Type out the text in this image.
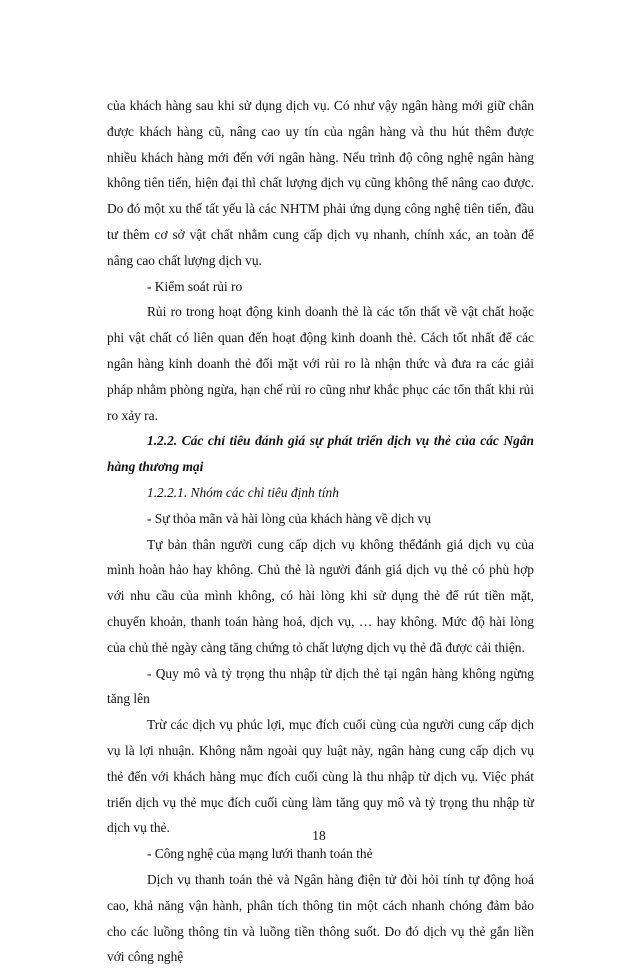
của khách hàng sau khi sử dụng dịch vụ. Có như vậy ngân hàng mới giữ chân được khách hàng cũ, nâng cao uy tín của ngân hàng và thu hút thêm được nhiều khách hàng mới đến với ngân hàng. Nếu trình độ công nghệ ngân hàng không tiên tiến, hiện đại thì chất lượng dịch vụ cũng không thể nâng cao được. Do đó một xu thế tất yếu là các NHTM phải ứng dụng công nghệ tiên tiến, đầu tư thêm cơ sở vật chất nhằm cung cấp dịch vụ nhanh, chính xác, an toàn để nâng cao chất lượng dịch vụ.

- Kiểm soát rủi ro

Rủi ro trong hoạt động kinh doanh thẻ là các tổn thất về vật chất hoặc phi vật chất có liên quan đến hoạt động kinh doanh thẻ. Cách tốt nhất để các ngân hàng kinh doanh thẻ đối mặt với rủi ro là nhận thức và đưa ra các giải pháp nhằm phòng ngừa, hạn chế rủi ro cũng như khắc phục các tổn thất khi rủi ro xảy ra.

1.2.2. Các chỉ tiêu đánh giá sự phát triển dịch vụ thẻ của các Ngân hàng thương mại

1.2.2.1. Nhóm các chỉ tiêu định tính

- Sự thỏa mãn và hài lòng của khách hàng về dịch vụ

Tự bản thân người cung cấp dịch vụ không thểđánh giá dịch vụ của mình hoàn hảo hay không. Chủ thẻ là người đánh giá dịch vụ thẻ có phù hợp với nhu cầu của mình không, có hài lòng khi sử dụng thẻ để rút tiền mặt, chuyển khoản, thanh toán hàng hoá, dịch vụ, … hay không. Mức độ hài lòng của chủ thẻ ngày càng tăng chứng tỏ chất lượng dịch vụ thẻ đã được cải thiện.

- Quy mô và tỷ trọng thu nhập từ dịch thẻ tại ngân hàng không ngừng tăng lên

Trừ các dịch vụ phúc lợi, mục đích cuối cùng của người cung cấp dịch vụ là lợi nhuận. Không nằm ngoài quy luật này, ngân hàng cung cấp dịch vụ thẻ đến với khách hàng mục đích cuối cùng là thu nhập từ dịch vụ. Việc phát triển dịch vụ thẻ mục đích cuối cùng làm tăng quy mô và tỷ trọng thu nhập từ dịch vụ thẻ.

- Công nghệ của mạng lưới thanh toán thẻ

Dịch vụ thanh toán thẻ và Ngân hàng điện tử đòi hỏi tính tự động hoá cao, khả năng vận hành, phân tích thông tin một cách nhanh chóng đảm bảo cho các luồng thông tin và luồng tiền thông suốt. Do đó dịch vụ thẻ gắn liền với công nghệ

18
